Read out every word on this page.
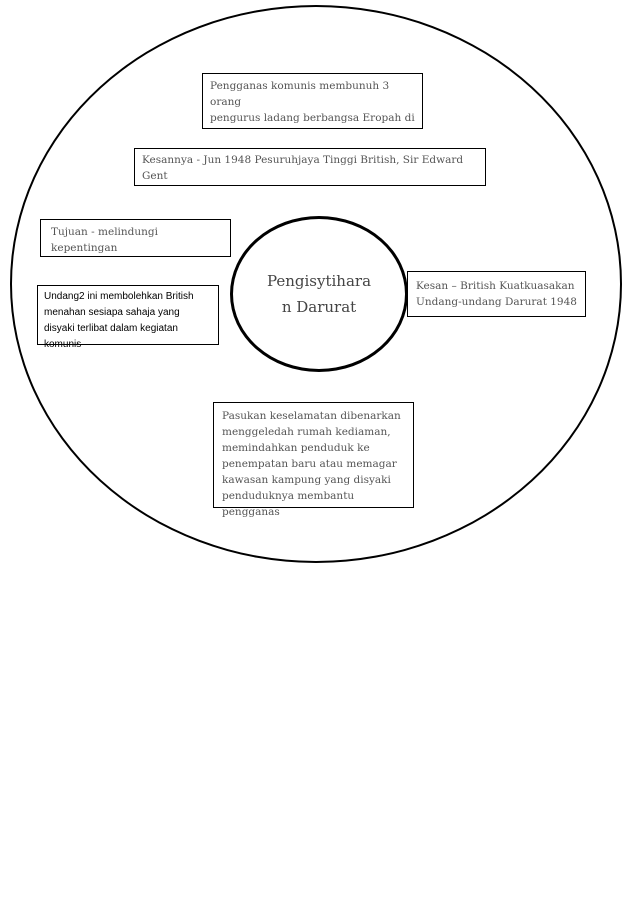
Pengganas komunis membunuh 3 orang
pengurus ladang berbangsa Eropah di
Kesannya - Jun 1948 Pesuruhjaya Tinggi British, Sir Edward Gent
Tujuan - melindungi kepentingan
Undang2 ini membolehkan British menahan sesiapa sahaja yang disyaki terlibat dalam kegiatan komunis
Pengisytiharan Darurat
Kesan – British Kuatkuasakan Undang-undang Darurat 1948
Pasukan keselamatan dibenarkan menggeledah rumah kediaman, memindahkan penduduk ke penempatan baru atau memagar kawasan kampung yang disyaki penduduknya membantu pengganas
